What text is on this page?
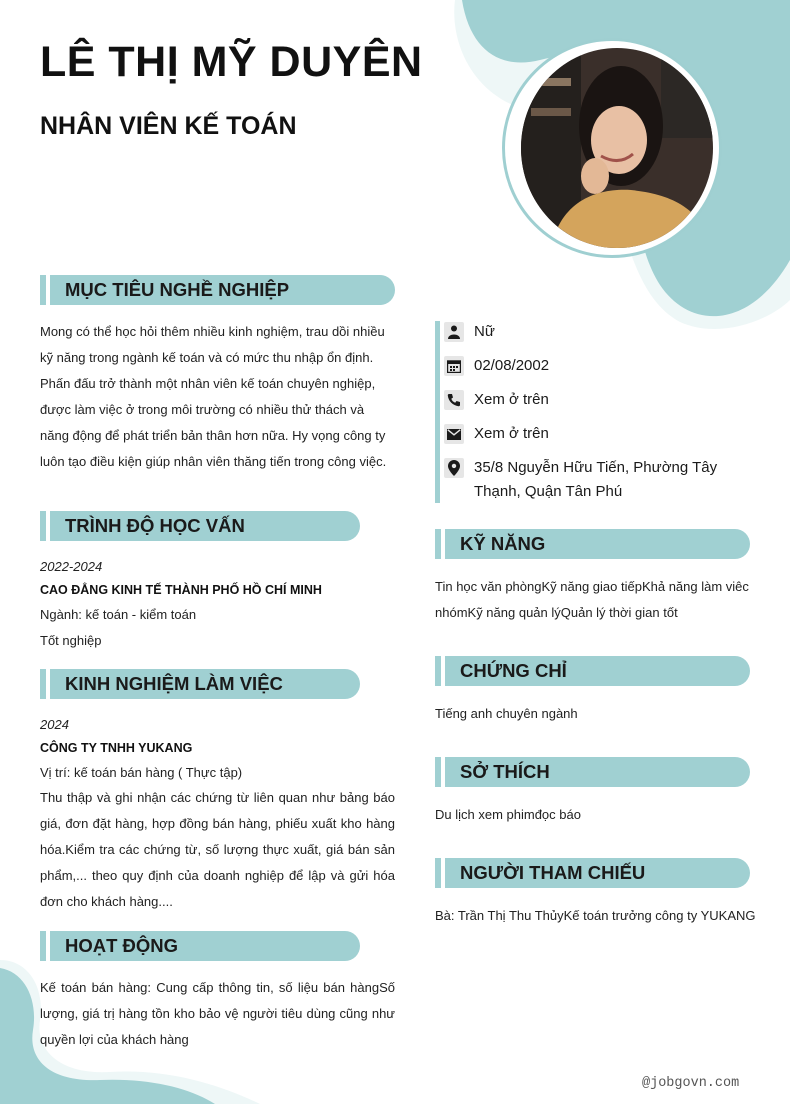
LÊ THỊ MỸ DUYÊN
NHÂN VIÊN KẾ TOÁN
MỤC TIÊU NGHỀ NGHIỆP

Mong có thể học hỏi thêm nhiều kinh nghiệm, trau dồi nhiều kỹ năng trong ngành kế toán và có mức thu nhập ổn định. Phấn đấu trở thành một nhân viên kế toán chuyên nghiệp, được làm việc ở trong môi trường có nhiều thử thách và năng động để phát triển bản thân hơn nữa. Hy vọng công ty luôn tạo điều kiện giúp nhân viên thăng tiến trong công việc.

TRÌNH ĐỘ HỌC VẤN
2022-2024
CAO ĐẲNG KINH TẾ THÀNH PHỐ HỒ CHÍ MINH
Ngành: kế toán - kiểm toán
Tốt nghiệp
KINH NGHIỆM LÀM VIỆC
2024
CÔNG TY TNHH YUKANG
Vị trí: kế toán bán hàng ( Thực tập)

Thu thập và ghi nhận các chứng từ liên quan như bảng báo giá, đơn đặt hàng, hợp đồng bán hàng, phiếu xuất kho hàng hóa.Kiểm tra các chứng từ, số lượng thực xuất, giá bán sản phẩm,... theo quy định của doanh nghiệp để lập và gửi hóa đơn cho khách hàng....

HOẠT ĐỘNG

Kế toán bán hàng: Cung cấp thông tin, số liệu bán hàngSố lượng, giá trị hàng tồn kho bảo vệ người tiêu dùng cũng như quyền lợi của khách hàng

Nữ
02/08/2002
Xem ở trên
Xem ở trên
35/8 Nguyễn Hữu Tiến, Phường Tây
Thạnh, Quận Tân Phú
KỸ NĂNG
Tin học văn phòngKỹ năng giao tiếpKhả năng làm viêc
nhómKỹ năng quản lýQuản lý thời gian tốt
CHỨNG CHỈ
Tiếng anh chuyên ngành
SỞ THÍCH
Du lịch xem phimđọc báo
NGƯỜI THAM CHIẾU
Bà: Trần Thị Thu ThủyKế toán trưởng công ty YUKANG
@jobgovn.com
